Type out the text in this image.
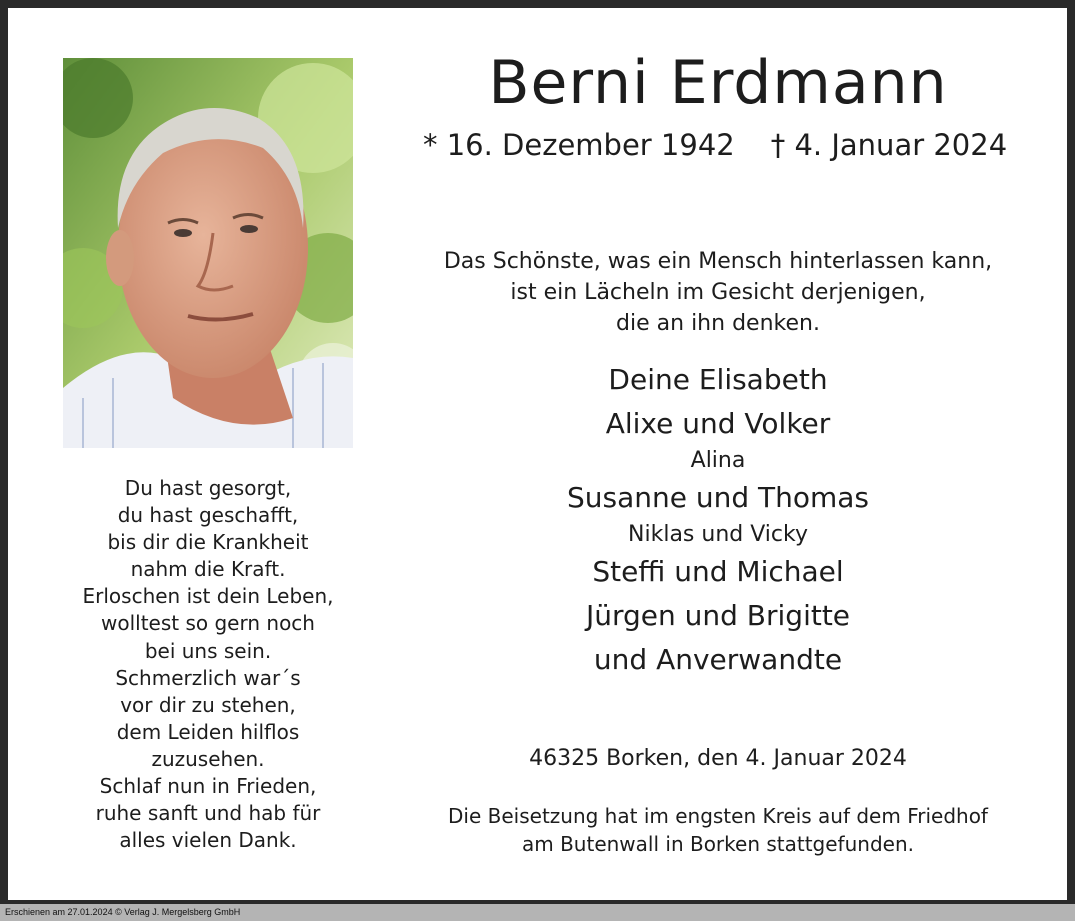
Berni Erdmann
* 16. Dezember 1942 † 4. Januar 2024
Das Schönste, was ein Mensch hinterlassen kann,
ist ein Lächeln im Gesicht derjenigen,
die an ihn denken.
Deine Elisabeth
Alixe und Volker
Alina
Susanne und Thomas
Niklas und Vicky
Steffi und Michael
Jürgen und Brigitte
und Anverwandte
46325 Borken, den 4. Januar 2024
Die Beisetzung hat im engsten Kreis auf dem Friedhof
am Butenwall in Borken stattgefunden.
Du hast gesorgt,
du hast geschafft,
bis dir die Krankheit
nahm die Kraft.
Erloschen ist dein Leben,
wolltest so gern noch
bei uns sein.
Schmerzlich war´s
vor dir zu stehen,
dem Leiden hilflos
zuzusehen.
Schlaf nun in Frieden,
ruhe sanft und hab für
alles vielen Dank.
Erschienen am 27.01.2024 © Verlag J. Mergelsberg GmbH
